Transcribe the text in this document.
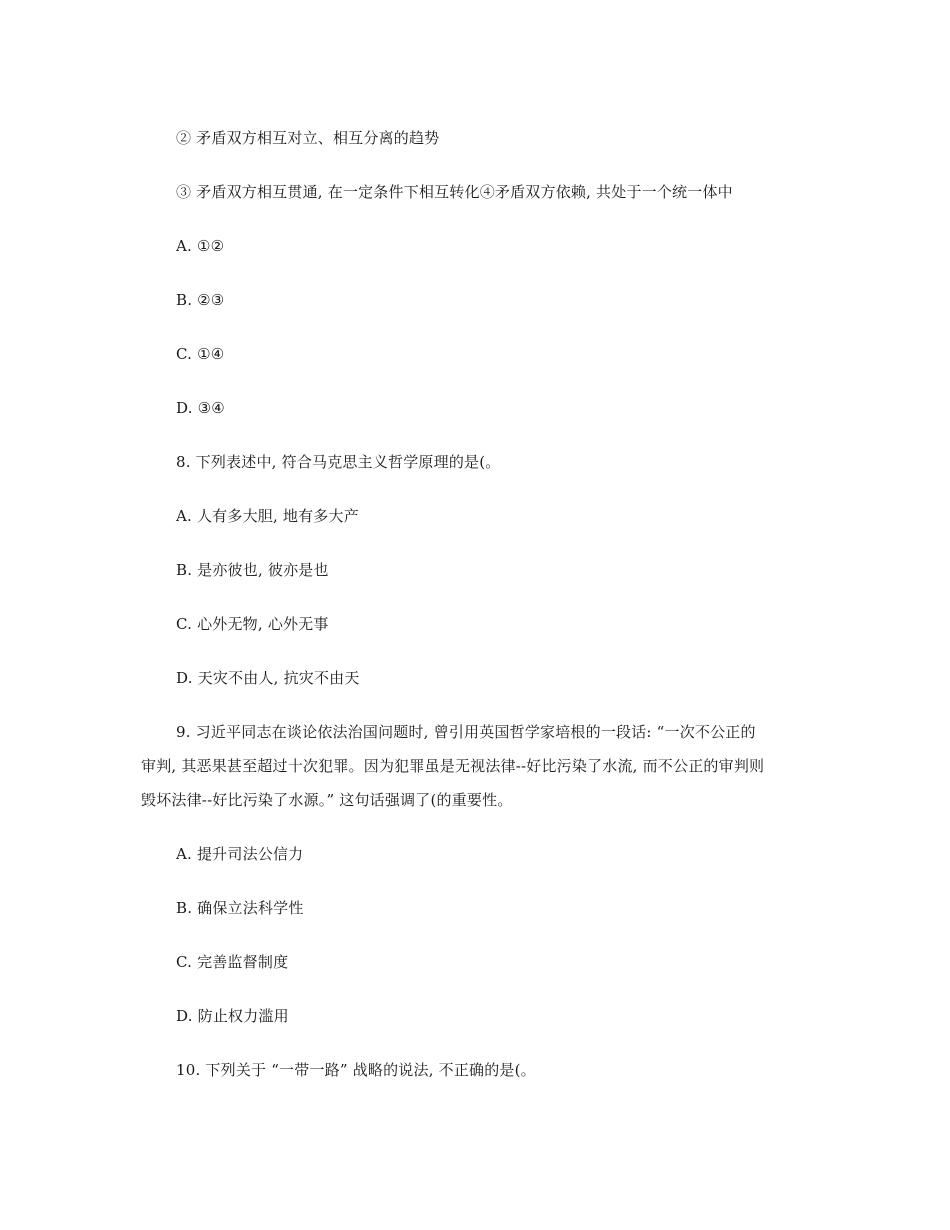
② 矛盾双方相互对立、相互分离的趋势
③ 矛盾双方相互贯通, 在一定条件下相互转化④矛盾双方依赖, 共处于一个统一体中
A. ①②
B. ②③
C. ①④
D. ③④
8. 下列表述中, 符合马克思主义哲学原理的是(。
A. 人有多大胆, 地有多大产
B. 是亦彼也, 彼亦是也
C. 心外无物, 心外无事
D. 天灾不由人, 抗灾不由天
9. 习近平同志在谈论依法治国问题时, 曾引用英国哲学家培根的一段话: “一次不公正的
审判, 其恶果甚至超过十次犯罪。因为犯罪虽是无视法律--好比污染了水流, 而不公正的审判则
毁坏法律--好比污染了水源。” 这句话强调了(的重要性。
A. 提升司法公信力
B. 确保立法科学性
C. 完善监督制度
D. 防止权力滥用
10. 下列关于 “一带一路” 战略的说法, 不正确的是(。
